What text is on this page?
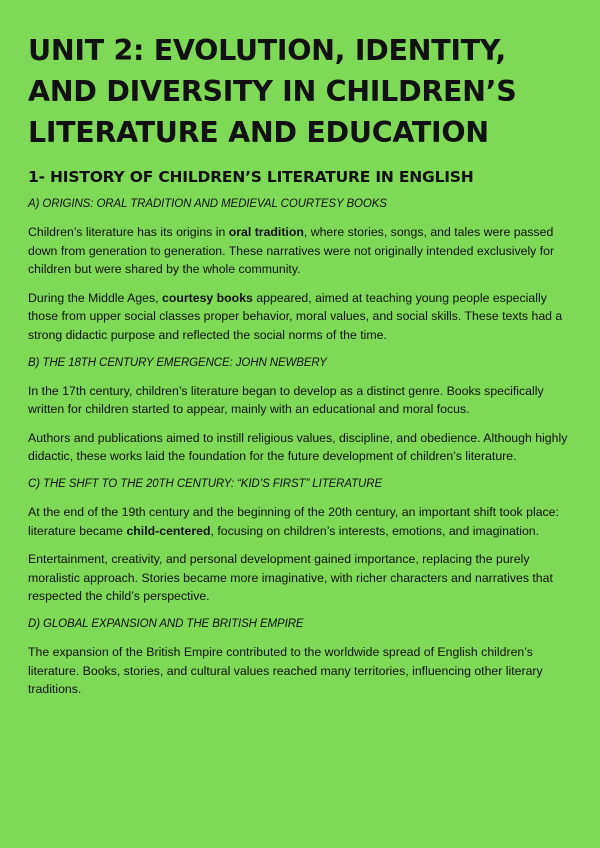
UNIT 2: EVOLUTION, IDENTITY, AND DIVERSITY IN CHILDREN’S LITERATURE AND EDUCATION
1- HISTORY OF CHILDREN’S LITERATURE IN ENGLISH
A) ORIGINS: ORAL TRADITION AND MEDIEVAL COURTESY BOOKS

Children’s literature has its origins in oral tradition, where stories, songs, and tales were passed down from generation to generation. These narratives were not originally intended exclusively for children but were shared by the whole community.

During the Middle Ages, courtesy books appeared, aimed at teaching young people especially those from upper social classes proper behavior, moral values, and social skills. These texts had a strong didactic purpose and reflected the social norms of the time.

B) THE 18TH CENTURY EMERGENCE: JOHN NEWBERY

In the 17th century, children’s literature began to develop as a distinct genre. Books specifically written for children started to appear, mainly with an educational and moral focus.

Authors and publications aimed to instill religious values, discipline, and obedience. Although highly didactic, these works laid the foundation for the future development of children’s literature.

C) THE SHFT TO THE 20TH CENTURY: “KID’S FIRST” LITERATURE

At the end of the 19th century and the beginning of the 20th century, an important shift took place: literature became child-centered, focusing on children’s interests, emotions, and imagination.

Entertainment, creativity, and personal development gained importance, replacing the purely moralistic approach. Stories became more imaginative, with richer characters and narratives that respected the child’s perspective.

D) GLOBAL EXPANSION AND THE BRITISH EMPIRE

The expansion of the British Empire contributed to the worldwide spread of English children’s literature. Books, stories, and cultural values reached many territories, influencing other literary traditions.
